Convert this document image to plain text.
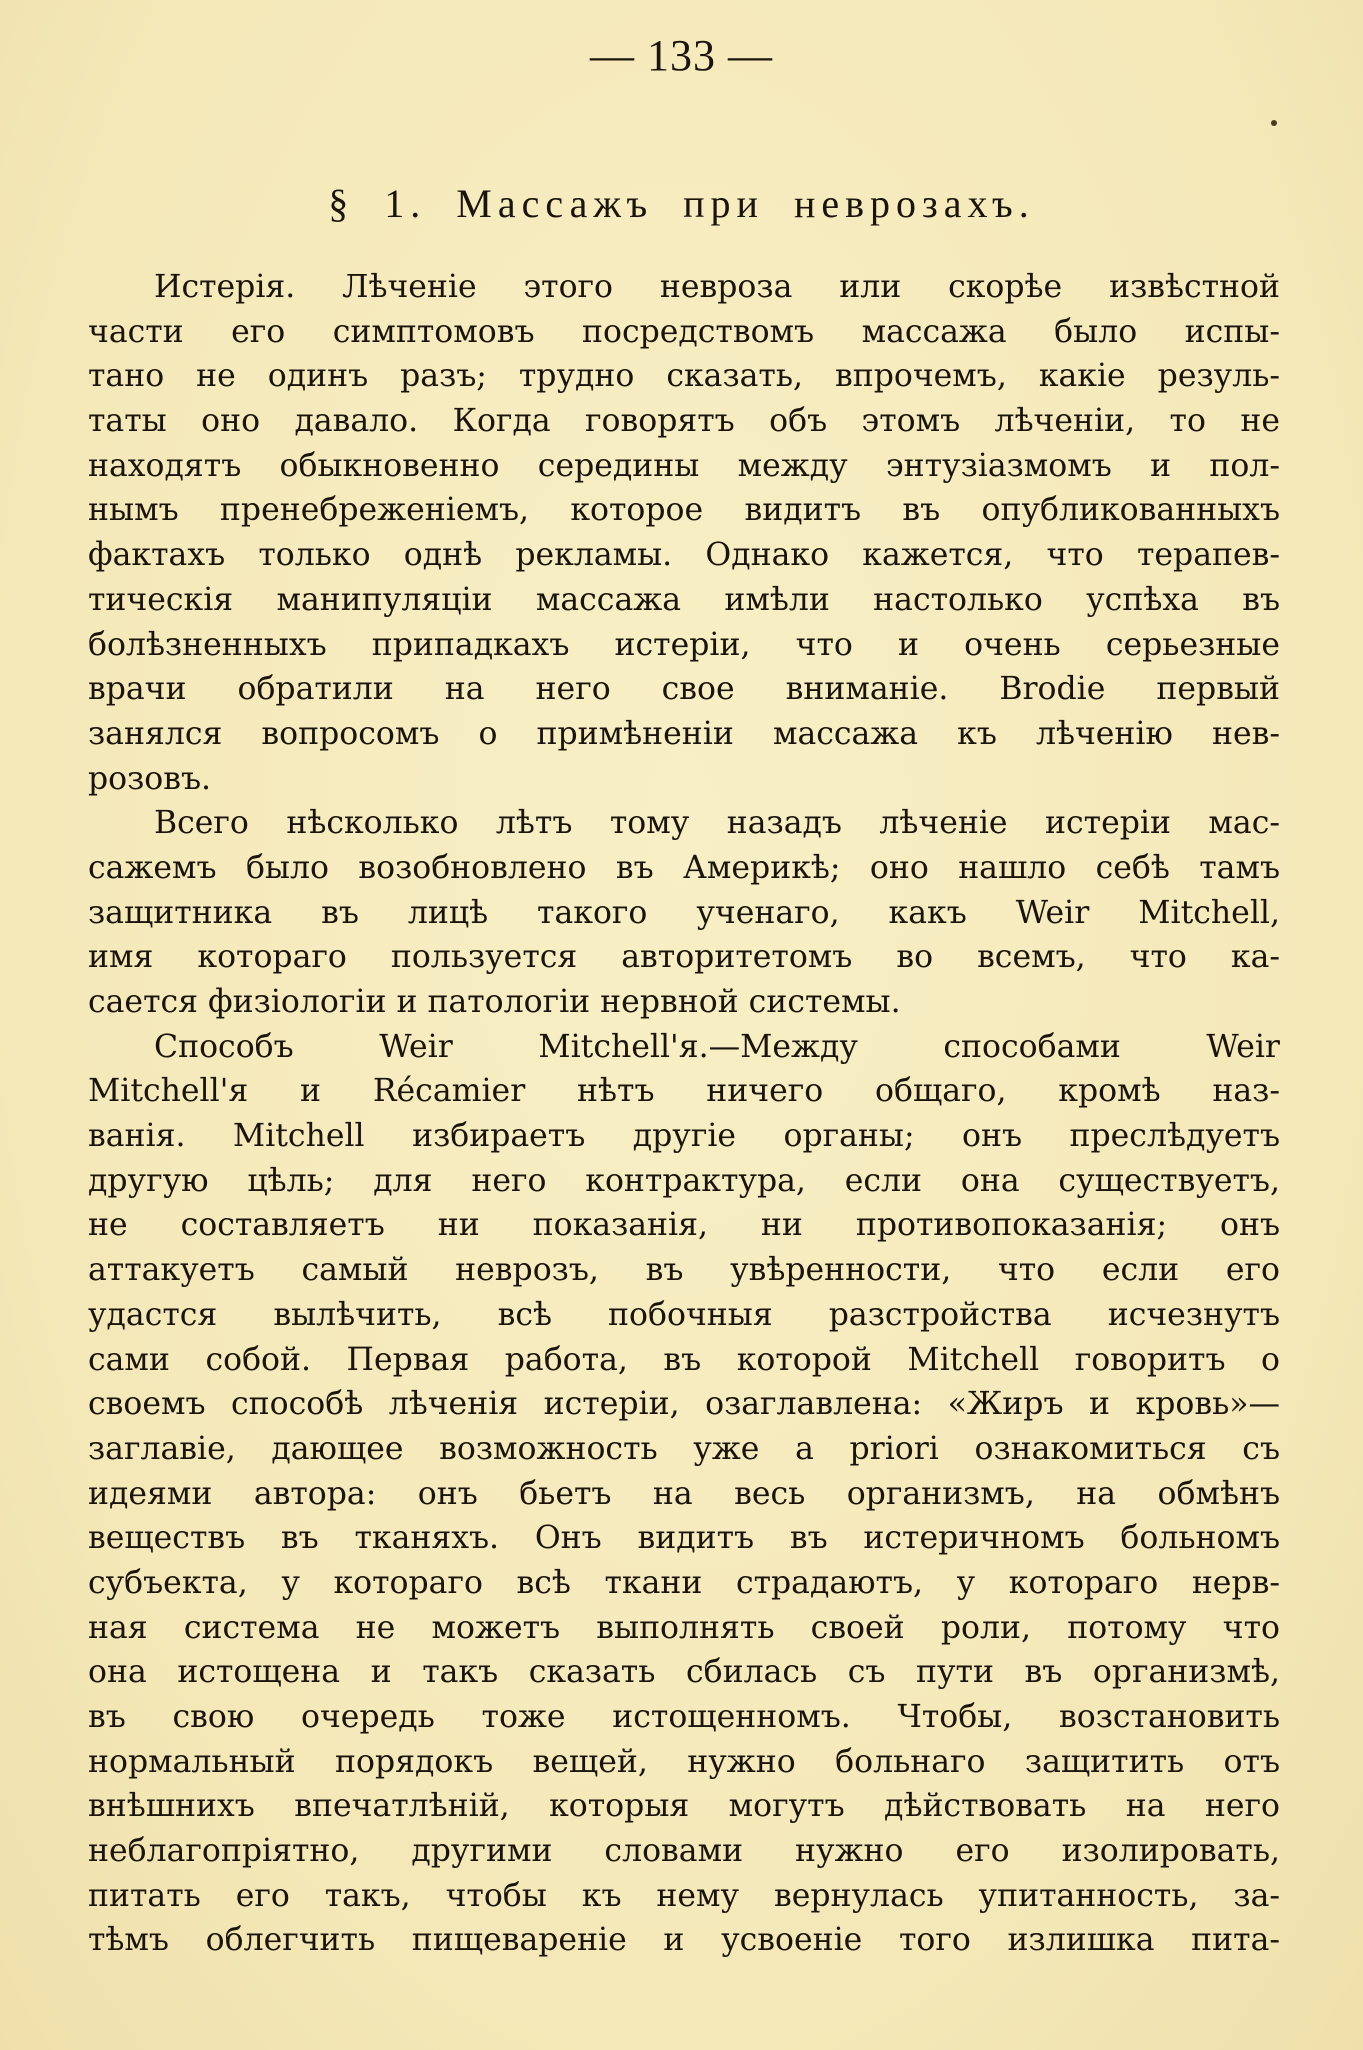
— 133 —
§ 1. Массажъ при неврозахъ.
Истерія. Лѣченіе этого невроза или скорѣе извѣстной
части его симптомовъ посредствомъ массажа было испы-
тано не одинъ разъ; трудно сказать, впрочемъ, какіе резуль-
таты оно давало. Когда говорятъ объ этомъ лѣченіи, то не
находятъ обыкновенно середины между энтузіазмомъ и пол-
нымъ пренебреженіемъ, которое видитъ въ опубликованныхъ
фактахъ только однѣ рекламы. Однако кажется, что терапев-
тическія манипуляціи массажа имѣли настолько успѣха въ
болѣзненныхъ припадкахъ истеріи, что и очень серьезные
врачи обратили на него свое вниманіе. Brodie первый
занялся вопросомъ о примѣненіи массажа къ лѣченію нев-
розовъ.
Всего нѣсколько лѣтъ тому назадъ лѣченіе истеріи мас-
сажемъ было возобновлено въ Америкѣ; оно нашло себѣ тамъ
защитника въ лицѣ такого ученаго, какъ Weir Mitchell,
имя котораго пользуется авторитетомъ во всемъ, что ка-
сается физіологіи и патологіи нервной системы.
Способъ Weir Mitchell'я.—Между способами Weir
Mitchell'я и Récamier нѣтъ ничего общаго, кромѣ наз-
ванія. Mitchell избираетъ другіе органы; онъ преслѣдуетъ
другую цѣль; для него контрактура, если она существуетъ,
не составляетъ ни показанія, ни противопоказанія; онъ
аттакуетъ самый неврозъ, въ увѣренности, что если его
удастся вылѣчить, всѣ побочныя разстройства исчезнутъ
сами собой. Первая работа, въ которой Mitchell говоритъ о
своемъ способѣ лѣченія истеріи, озаглавлена: «Жиръ и кровь»—
заглавіе, дающее возможность уже a priori ознакомиться съ
идеями автора: онъ бьетъ на весь организмъ, на обмѣнъ
веществъ въ тканяхъ. Онъ видитъ въ истеричномъ больномъ
субъекта, у котораго всѣ ткани страдаютъ, у котораго нерв-
ная система не можетъ выполнять своей роли, потому что
она истощена и такъ сказать сбилась съ пути въ организмѣ,
въ свою очередь тоже истощенномъ. Чтобы, возстановить
нормальный порядокъ вещей, нужно больнаго защитить отъ
внѣшнихъ впечатлѣній, которыя могутъ дѣйствовать на него
неблагопріятно, другими словами нужно его изолировать,
питать его такъ, чтобы къ нему вернулась упитанность, за-
тѣмъ облегчить пищевареніе и усвоеніе того излишка пита-
